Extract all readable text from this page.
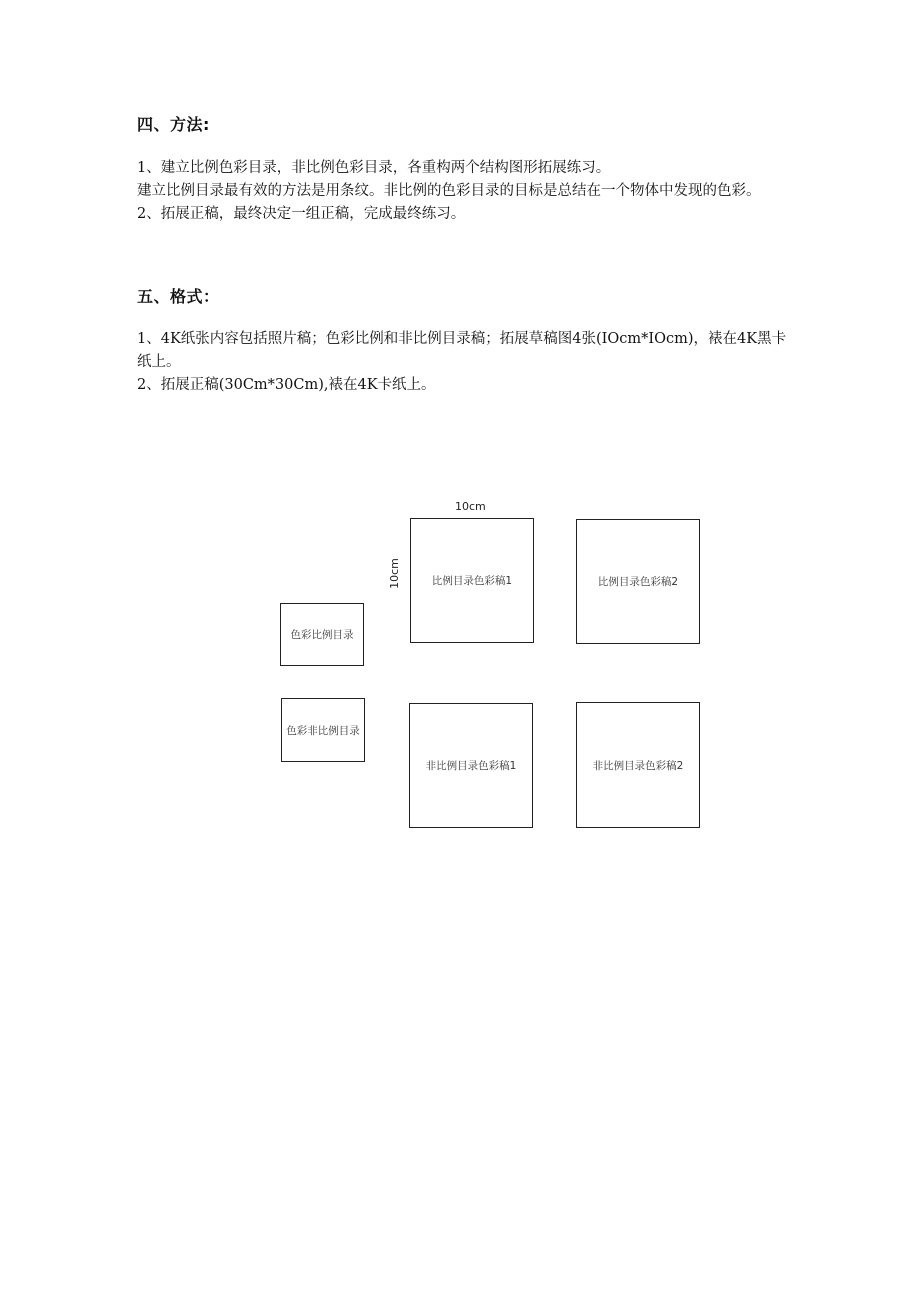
四、方法:

1、建立比例色彩目录，非比例色彩目录，各重构两个结构图形拓展练习。

建立比例目录最有效的方法是用条纹。非比例的色彩目录的目标是总结在一个物体中发现的色彩。

2、拓展正稿，最终决定一组正稿，完成最终练习。

五、格式：

1、4K纸张内容包括照片稿；色彩比例和非比例目录稿；拓展草稿图4张(IOcm*IOcm)，裱在4K黑卡纸上。

2、拓展正稿(30Cm*30Cm),裱在4K卡纸上。

10cm
10cm
色彩比例目录
色彩非比例目录
比例目录色彩稿1	比例目录色彩稿2
非比例目录色彩稿1	非比例目录色彩稿2
